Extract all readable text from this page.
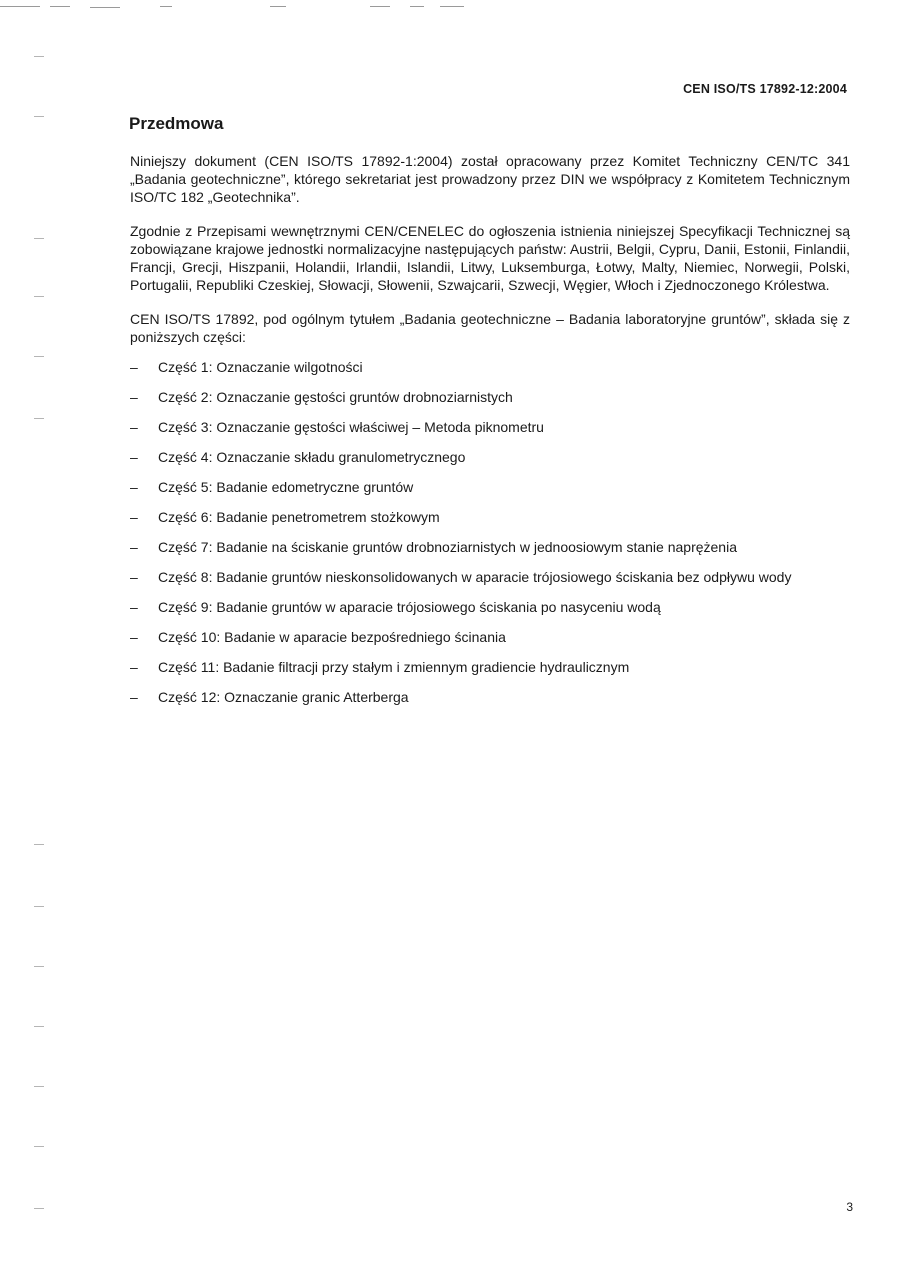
CEN ISO/TS 17892-12:2004
Przedmowa

Niniejszy dokument (CEN ISO/TS 17892-1:2004) został opracowany przez Komitet Techniczny CEN/TC 341 „Badania geotechniczne”, którego sekretariat jest prowadzony przez DIN we współpracy z Komitetem Technicznym ISO/TC 182 „Geotechnika”.

Zgodnie z Przepisami wewnętrznymi CEN/CENELEC do ogłoszenia istnienia niniejszej Specyfikacji Technicznej są zobowiązane krajowe jednostki normalizacyjne następujących państw: Austrii, Belgii, Cypru, Danii, Estonii, Finlandii, Francji, Grecji, Hiszpanii, Holandii, Irlandii, Islandii, Litwy, Luksemburga, Łotwy, Malty, Niemiec, Norwegii, Polski, Portugalii, Republiki Czeskiej, Słowacji, Słowenii, Szwajcarii, Szwecji, Węgier, Włoch i Zjednoczonego Królestwa.

CEN ISO/TS 17892, pod ogólnym tytułem „Badania geotechniczne – Badania laboratoryjne gruntów”, składa się z poniższych części:

– Część 1: Oznaczanie wilgotności
– Część 2: Oznaczanie gęstości gruntów drobnoziarnistych
– Część 3: Oznaczanie gęstości właściwej – Metoda piknometru
– Część 4: Oznaczanie składu granulometrycznego
– Część 5: Badanie edometryczne gruntów
– Część 6: Badanie penetrometrem stożkowym
– Część 7: Badanie na ściskanie gruntów drobnoziarnistych w jednoosiowym stanie naprężenia
– Część 8: Badanie gruntów nieskonsolidowanych w aparacie trójosiowego ściskania bez odpływu wody
– Część 9: Badanie gruntów w aparacie trójosiowego ściskania po nasyceniu wodą
– Część 10: Badanie w aparacie bezpośredniego ścinania
– Część 11: Badanie filtracji przy stałym i zmiennym gradiencie hydraulicznym
– Część 12: Oznaczanie granic Atterberga
3
